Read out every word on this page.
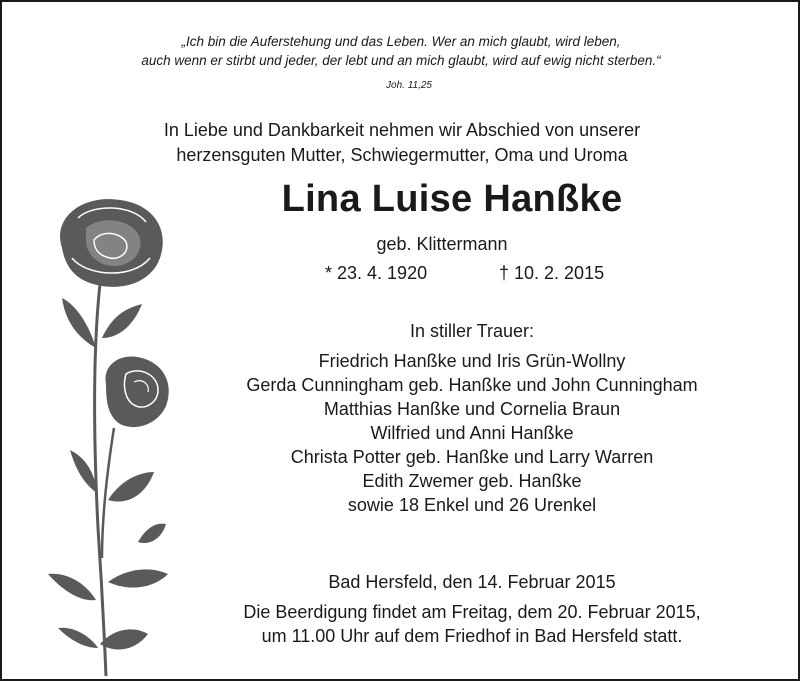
„Ich bin die Auferstehung und das Leben. Wer an mich glaubt, wird leben,
auch wenn er stirbt und jeder, der lebt und an mich glaubt, wird auf ewig nicht sterben.“
Joh. 11,25
In Liebe und Dankbarkeit nehmen wir Abschied von unserer
herzensguten Mutter, Schwiegermutter, Oma und Uroma
Lina Luise Hanßke
geb. Klittermann
* 23. 4. 1920	† 10. 2. 2015
In stiller Trauer:
Friedrich Hanßke und Iris Grün-Wollny
Gerda Cunningham geb. Hanßke und John Cunningham
Matthias Hanßke und Cornelia Braun
Wilfried und Anni Hanßke
Christa Potter geb. Hanßke und Larry Warren
Edith Zwemer geb. Hanßke
sowie 18 Enkel und 26 Urenkel
Bad Hersfeld, den 14. Februar 2015
Die Beerdigung findet am Freitag, dem 20. Februar 2015,
um 11.00 Uhr auf dem Friedhof in Bad Hersfeld statt.
